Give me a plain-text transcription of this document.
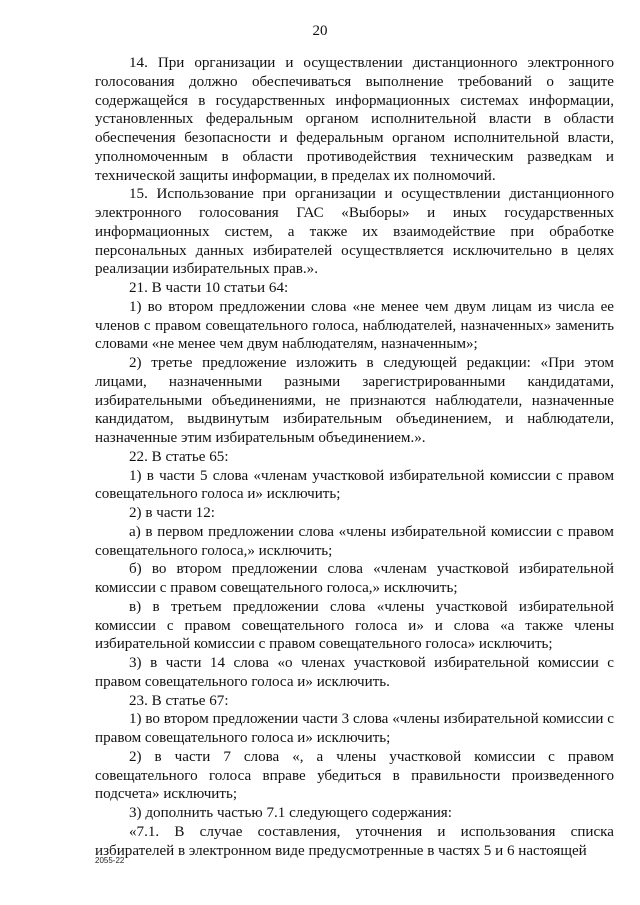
20

14. При организации и осуществлении дистанционного электронного голосования должно обеспечиваться выполнение требований о защите содержащейся в государственных информационных системах информации, установленных федеральным органом исполнительной власти в области обеспечения безопасности и федеральным органом исполнительной власти, уполномоченным в области противодействия техническим разведкам и технической защиты информации, в пределах их полномочий.

15. Использование при организации и осуществлении дистанционного электронного голосования ГАС «Выборы» и иных государственных информационных систем, а также их взаимодействие при обработке персональных данных избирателей осуществляется исключительно в целях реализации избирательных прав.».

21. В части 10 статьи 64:

1) во втором предложении слова «не менее чем двум лицам из числа ее членов с правом совещательного голоса, наблюдателей, назначенных» заменить словами «не менее чем двум наблюдателям, назначенным»;

2) третье предложение изложить в следующей редакции: «При этом лицами, назначенными разными зарегистрированными кандидатами, избирательными объединениями, не признаются наблюдатели, назначенные кандидатом, выдвинутым избирательным объединением, и наблюдатели, назначенные этим избирательным объединением.».

22. В статье 65:

1) в части 5 слова «членам участковой избирательной комиссии с правом совещательного голоса и» исключить;

2) в части 12:

а) в первом предложении слова «члены избирательной комиссии с правом совещательного голоса,» исключить;

б) во втором предложении слова «членам участковой избирательной комиссии с правом совещательного голоса,» исключить;

в) в третьем предложении слова «члены участковой избирательной комиссии с правом совещательного голоса и» и слова «а также члены избирательной комиссии с правом совещательного голоса» исключить;

3) в части 14 слова «о членах участковой избирательной комиссии с правом совещательного голоса и» исключить.

23. В статье 67:

1) во втором предложении части 3 слова «члены избирательной комиссии с правом совещательного голоса и» исключить;

2) в части 7 слова «, а члены участковой комиссии с правом совещательного голоса вправе убедиться в правильности произведенного подсчета» исключить;

3) дополнить частью 7.1 следующего содержания:

«7.1. В случае составления, уточнения и использования списка избирателей в электронном виде предусмотренные в частях 5 и 6 настоящей

2055-22
